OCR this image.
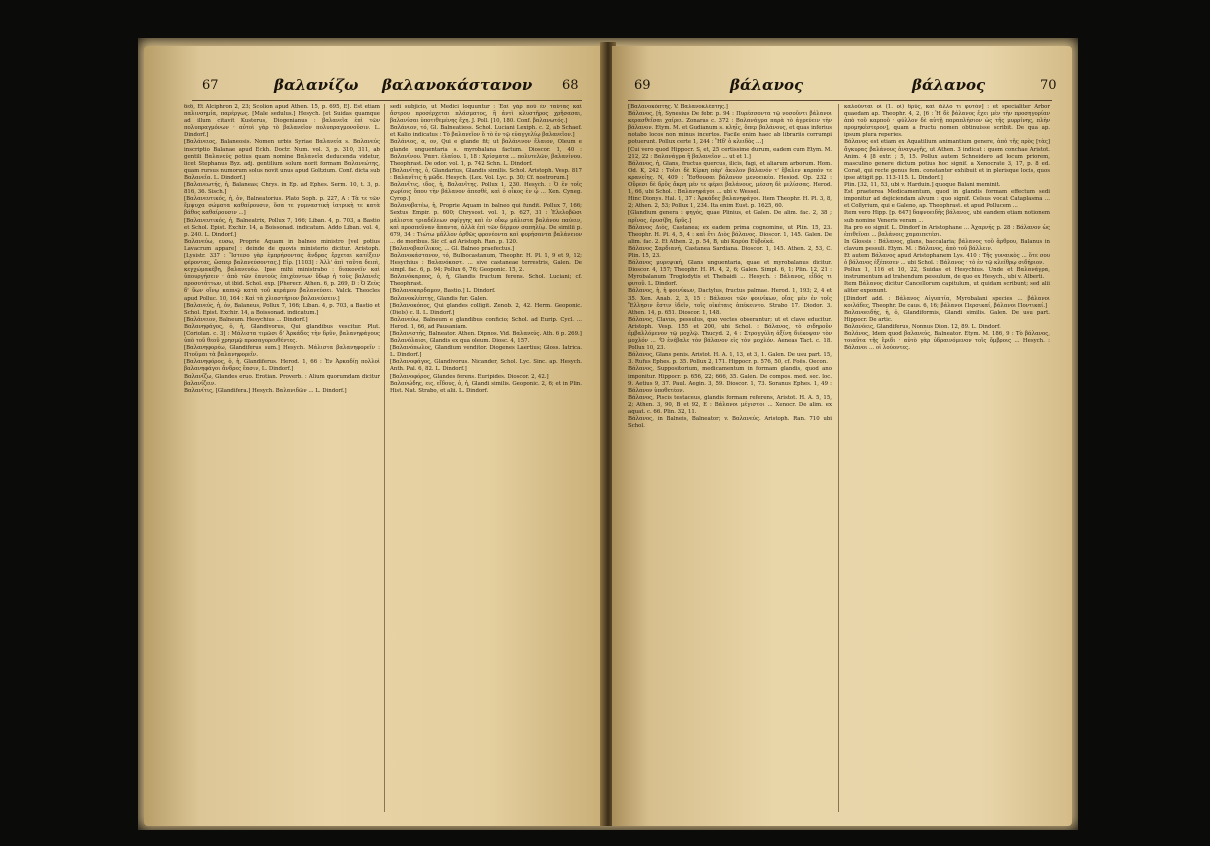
67	βαλανίζω βαλανοκάστανον 68

δεδ, Et Alciphron 2, 23; Scolion apud Athen. 15, p. 695, E]. Est etiam παλινσημία, παρέργως. [Male sedulus.] Hesych. [et Suidas quamque ad illum citavit Kusterus, Diogenianus : βαλανεῖα ἐπὶ τῶν πολυπραγμόνων · αὐτοὶ γὰρ τὸ βαλανεῖον πολυπραγμονοῦσιν. L. Dindorf.]

[Βαλάνειος, Balaneosis. Nomen urbis Syriae Βαλανεία s. Βαλανεύς inscriptio Balanae apud Eckh. Doctr. Num. vol. 3, p. 310, 311, ab gentili Βαλανεύς potius quam nomine Βαλανεῖα deducenda videtur, licet Stephanus Byz. adj. gentilium solum norit formam Βαλανεώτης, quam rursus numorum solus novit unus apud Goltzium. Conf. dicta sub Βαλανεῖα. L. Dindorf.]

[Βαλανεωτής, ἡ, Balaneas; Chrys. in Ep. ad Ephes. Serm. 10, t. 3, p. 816, 36. Sisch.]

[Βαλανευτικός, ἡ, ὁν, Balneatorius. Plato Soph. p. 227, A : Τὰ τε τῶν ἔμψυχα σώματα καθαίρουσιν, ὅσα τε γυμναστικὴ ἰατρικὴ τε κατὰ βάθος καθαίρουσιν ...]

[Βαλανευτικός, ἡ, Balneatrix, Pollux 7, 166; Liban. 4, p. 703, a Bastio et Schol. Epist. Exchir. 14, a Boissonad. indicatum. Addo Liban. vol. 4, p. 240. L. Dindorf.]

Βαλανεύω, ευσω, Proprie Aquam in balneo ministro [vel potius Lavacrum appare] : deinde de quovis ministerio dicitur. Aristoph. [Lysistr. 337 : Ἴστεσο γὰρ ἐμπρήσοντας ἄνδρας ἔρχεται κατέξειν φέροντας, ὥσπερ βαλανεύσοντας.] Εἰρ. [1103] : Ἀλλ' ἀπὶ ταῦτα δειπὶ, κεγχώμακέβη, βαλανευέω. Ipse mihi ministrabo : διακονεῖν καὶ ὑπουργήσειν · ἀπὸ τῶν ἑαυτοὺς ἐπιχέοντων ὕδωρ ἡ τοὺς βαλανεῖς προσοτάττων, ut ibid. Schol. exp. [Pherecr. Athen. 6, p. 269, D : Ὁ Ζεὺς δ' ὕων οἴνῳ καπνῷ κατὰ τοῦ κεράμου βαλανεύσει. Valck. Theocles apud Polluc. 10, 164 : Καὶ τὰ χλιαστήριον βαλανεύσειν.]

[Βαλανεύς, ἡ, ὁν, Balaneus, Pollux 7, 166; Liban. 4, p. 703, a Bastio et Schol. Epist. Exchir. 14, a Boissonad. indicatum.]

[Βαλάνειον, Balneum. Hesychius ... Dindorf.]

Βαλανηφάγος, ὁ, ἡ, Glandivorus, Qui glandibus vescitur. Plut. [Coriolan. c. 3] : Μάλιστα τιμῶσι δ' Ἀρκάδες τὴν δρῦν, βαλανηφάγους ὑπὸ τοῦ θεοῦ χρησμῷ προσαγορευθέντες.

[Βαλανηφορέω, Glandiferus sum.] Hesych. Μάλιστα βαλανηφορεῖν : Πτοῦμαι τὰ βαλανηφορεῖν.

[Βαλανηφόρος, ὁ, ἡ, Glandiferus. Herod. 1, 66 : Ἐν Ἀρκαδίῃ πολλοὶ βαλανηφάγοι ἄνδρες ἔασιν, L. Dindorf.]

Βαλανίζω, Glandes eruo. Erotian. Proverb. : Alium quorumdam dicitur βαλανίζειν.

Βαλανίτις, [Glandifera.] Hesych. Βαλανιδῶν ... L. Dindorf.]

sedi subjicio, ut Medici loquuntur : Ἐαὶ γὰρ ποῦ ἐν ταύτας καὶ ἄστρου προσέρχεται πλάσματος, ἢ ἀντὶ κλυστῆρος χρῆσασαι, βαλανίσαι ὑποτιθεμένης ἔχη. J. Poll. [10, 180. Conf. βαλανωτός.]

Βαλάνιον, τό, Gl. Balneatiess. Schol. Luciani Lexiph. c. 2, ab Schaef. et Kalio indicatus : Τὸ βαλανεῖον ὅ τὸ ἐν τῷ εὐαγγελίῳ βαλανεῖον.]

Βαλάνιος, α, ον, Qui e glande fit; ut βαλάνινον ἔλαιον, Oleum e glande unguentaria s. myrobalana factum. Dioscor. 1, 40 : Βαλανίνου. Ῥαπτ. ἐλαίου. 1, 18 : Χρίσματα ... πολυτελῶν, βαλανίνου. Theophrast. De odor. vol. 1, p. 742 Schn. L. Dindorf.

[Βαλανίτης, ὁ, Glandarius, Glandis similis. Schol. Aristoph. Vesp. 817 : Βαλανῖτις ἡ μῶδε. Hesych. (Lex. Vol. Lyc. p. 30; Cf. nostrorum.]

Βαλανῖτις, ιδος, ἡ, Βαλανῖτης. Pollux 1, 230. Hesych. : Ὁ ἐν τοῖς χωρίοις ὅπου τὴν βάλανον ἀπεσθέ, καὶ ὁ οἶκος ἐν ᾧ ... Xen. Cyneg. Cyrop.]

Βαλανοβατέω, ἡ, Proprie Aquam in balneo qui fundit. Pollux 7, 166; Sextus Empir. p. 600; Chrysost. vol. 1, p. 627, 31 : Ἐλελοβῶσι μάλιστα τριαδέλεων σφίγγης καὶ ἐν οἴκῳ μάλιστα βαλάνου παύειν, καὶ προσπεῦναν ἅπαντα, ἀλλὰ ἐπὶ τῶν δέρμον σαπηλίῳ. De similii p. 679, 34 : Τιώτω μᾶλλον ὀρθῶς φρονέοντα καὶ φυρήσαντα βαλάνειον ... de moribus. Sic cf. ad Aristoph. Ran. p. 120.

[Βαλανοβασίλικος, ... Gl. Balneo praefectus.]

Βαλανοκάστανον, τό, Bulbocastanum, Theophr. H. Pl. 1, 9 et 9, 12; Hesychius : Βαλανόκαστ. ... sive castaneae terrestris, Galen. De simpl. fac. 6, p. 94; Pollux 6, 76; Geoponic. 15, 2.

Βαλανόκαρπος, ὁ, ἡ, Glandis fructum ferens. Schol. Luciani; cf. Theophrast.

[Βαλανοκαρδαμον, Bastio.] L. Dindorf.

Βαλανοκλέπτης, Glandis fur. Galen.

[Βαλανοκόπος, Qui glandes colligit. Zenob. 2, 42. Herm. Geoponic. (Diels) c. ll. L. Dindorf.]

Βαλανεύω, Balneum e glandibus conficio; Schol. ad Eurip. Cycl. ... Herod. 1, 66, ad Pausaniam.

[Βαλανιστής, Balneator. Athen. Dipnos. Vid. Βαλανεύς. Ath. 6 p. 269.]

Βαλανόλαισι, Glandis ex qua oleum. Diosc. 4, 157.

[Βαλανόπωλος, Glandium venditor. Diogenes Laertius; Gloss. Iatrica. L. Dindorf.]

[Βαλανοφάγος, Glandivorus. Nicander, Schol. Lyc. Sinc. ap. Hesych. Anth. Pal. 6, 82. L. Dindorf.]

[Βαλανοφόρος, Glandes ferens. Euripides. Dioscor. 2, 42.]

Βαλανώδης, εις, εἴδους, ὁ, ἡ, Glandi similis. Geoponic. 2, 6; et in Plin. Hist. Nat. Strabo, et alii. L. Dindorf.

69	βάλανος	βάλανος	70

[Βαλανοκόπτης. V. Βαλανοκλέπτης.]

Βάλανος, [ἡ, Synesius De febr. p. 94 : Πυρέσσοντα τῷ νοσοῦντι βάλανοι κερασθεῖσαι χαίρει. Zonaras c. 372 : Βαλανάγρα παρὰ τὸ ἀγρεύειν τὴν βάλανον. Etym. M. et Gudianum s. κληΐς, ὅπερ βαλάνους, et quas inferius notabo locos non minus incertos. Facile enim haec ab librariis corrumpi potuerunt. Pollux certe 1, 244 : Ἢδ' ὁ κλειδὸς ...]

[Cui vero quod Hippocr. S, et, 25 certissime durum, eadem cum Etym. M. 212, 22 : Βαλανάγρα ἢ βαλανεῖον ... ut et 1.]

Βάλανος, ἡ, Glans, fructus quercus, ilicis, fagi, et aliarum arborum. Hom. Od. K, 242 : Τοῖσι δὲ Κίρκη πὰρ' ἄκυλον βάλανόν τ' ἔβαλεν καρπόν τε κρανείης. N, 409 : Ἔσθουσαι βάλανον μενοεικέα. Hesiod. Op. 232 : Οὔρεσι δὲ δρῦς ἄκρη μέν τε φέρει βαλάνους, μέσση δὲ μελίσσας. Herod. 1, 66, ubi Schol. : Βαλανηφάγοι ... ubi v. Wessel.

Hinc Dionys. Hal. 1, 37 : Ἀρκάδες βαλανηφάγοι. Item Theophr. H. Pl. 3, 8, 2; Athen. 2, 53; Pollux 1, 234. Ita enim Eust. p. 1625, 60.

[Glandium genera : φηγός, quae Plinius, et Galen. De alim. fac. 2, 38 ; πρῖνος, ἐρυσίβη, δρῦς.]

Βάλανος Διὸς, Castanea; ex eadem prima cognomine, ut Plin. 15, 23. Theophr. H. Pl. 4, 5, 4 : καὶ ἔτι Διὸς βάλανος. Dioscor. 1, 145. Galen. De alim. fac. 2. Et Athen. 2, p. 54, B, ubi Καρύα Εὐβοϊκά.

Βάλανος Σαρδιανή, Castanea Sardiana. Dioscor. 1, 145. Athen. 2, 53, C. Plin. 15, 23.

Βάλανος μυρεψική, Glans unguentaria, quae et myrobalanus dicitur. Dioscor. 4, 157; Theophr. H. Pl. 4, 2, 6; Galen. Simpl. 6, 1; Plin. 12, 21 : Myrobalanum Troglodytis et Thebaidi ... Hesych. : Βάλανος, εἶδός τι φυτοῦ. L. Dindorf.

Βάλανος, ἡ, ἡ φοινίκων, Dactylus, fructus palmae. Herod. 1, 193; 2, 4 et 35. Xen. Anab. 2, 3, 15 : Βάλανοι τῶν φοινίκων, οἵας μὲν ἐν τοῖς Ἕλλησιν ἔστιν ἰδεῖν, τοῖς οἰκέταις ἀπέκειντο. Strabo 17. Diodor. 3. Athen. 14, p. 651. Dioscor. 1, 148.

Βάλανος, Clavus, pessulus, quo vectes obserantur; ut et clave educitur. Aristoph. Vesp. 155 et 200, ubi Schol. : Βάλανος, τὸ σιδηροῦν ἐμβαλλόμενον τῷ μοχλῷ. Thucyd. 2, 4 : Στρογγύλη ἀξίνη διέκοψαν τὸν μοχλόν ... 'Ὁ ἐνέβαλε τὸν βάλανον εἰς τὸν μοχλόν. Aeneas Tact. c. 18. Pollux 10, 23.

Βάλανος, Glans penis. Aristot. H. A. 1, 13, et 3, 1. Galen. De usu part. 15, 3. Rufus Ephes. p. 35. Pollux 2, 171. Hippocr. p. 576, 50, cf. Foës. Oecon.

Βάλανος, Suppositorium, medicamentum in formam glandis, quod ano imponitur. Hippocr. p. 656, 22; 666, 35. Galen. De compos. med. sec. loc. 9. Aetius 9, 37. Paul. Aegin. 3, 59. Dioscor. 1, 73. Soranus Ephes. 1, 49 : Βάλανον ὑποθετέον.

Βάλανος, Piscis testaceus, glandis formam referens, Aristot. H. A. 5, 15, 2; Athen. 3, 90, B et 92, E : Βάλανοι μέγιστοι ... Xenocr. De alim. ex aquat. c. 66. Plin. 32, 11.

Βάλανος, in Balneis, Balneator; v. Βαλανεύς. Aristoph. Ran. 710 ubi Schol.

καλοῦνται οἱ (1. οἱ) δρῦς, καὶ ἄλλο τι φυτὸν] : et specialiter Arbor quaedam ap. Theophr. 4, 2, [6 : Ἡ δὲ βάλανος ἔχει μὲν τὴν προσηγορίαν ἀπὸ τοῦ καρποῦ · φύλλον δὲ αὐτῇ παραπλήσιον ὡς τῆς μυρρίνης, πλὴν προμηκέστερον], quam a fructu nomen obtinuisse scribit. De qua ap. ipsum plura reperies.

Βάλανος est etiam ex Aquatilium animantium genere, ἀπὸ τῆς πρὸς [τὰς] ἄγκυρας βαλάνους ἀναγωγῆς, ut Athen. 3 indicat : quem conchae Aristot. Anim. 4 [8 extr. ; 5, 15. Pollux autem Schneidero ad locum priorem, masculino genere dictum potius hoc signif. a Xenocrate 3, 17, p. 8 ed. Coraë, qui recte genus fem. constanter exhibuit et in plerisque locis, quos ipse attigit pp. 113-115. L. Dindorf.]

Plin. [32, 11, 53, ubi v. Harduin.] quoque Balani meminit.

Est praeterea Medicamentum, quod in glandis formam effectum sedi imponitur ad dejiciendam alvum : quo signif. Celsus vocat Cataplasma ... et Collyrium, qui e Galeno, ap. Theophrast. et apud Pollucem ...

Item vero Hipp. [p. 647] δαφνοειδὴς βάλανος, ubi eandem etiam notionem sub nomine Veneris veram ...

Ita pro eo signif. L. Dindorf in Aristophane ... Ἀχαρνής p. 28 : Βάλανον ὡς ἐπιθεῖναι ... βαλάνοις χαμαιπετέσι.

In Glossis : Βάλανος, glans, baccalaria; βάλανος τοῦ ἄρθρου, Balanus in clavum pessuli. Etym. M. : Βάλανος, ἀπὸ τοῦ βάλλειν.

Et autem Βάλανος apud Aristophanem Lys. 410 : Τῆς γυναικὸς ... ὅτε σου ὁ βάλανος ἐξέπεσεν ... ubi Schol. : Βάλανος · τὸ ἐν τῷ κλείθρῳ σιδήριον.

Pollux 1, 116 et 10, 22, Suidas et Hesychius. Unde et Βαλανάγρα, instrumentum ad trahendum pessulum, de quo ex Hesych., ubi v. Alberti.

Item Βάλανος dicitur Cancellorum capitulum, ut quidam scribunt; sed alii aliter exponunt.

[Dindorf add. : Βάλανος Αἰγυπτία, Myrobalani species ... βάλανοι κοιλάδες, Theophr. De caus. 6, 16; βάλανοι Περσικαί, βάλανοι Ποντικαί.]

Βαλανοειδής, ἡ, ὁ, Glandiformis, Glandi similis. Galen. De usu part. Hippocr. De artic.

Βαλανόεις, Glandiferus, Nonnus Dion. 12, 89. L. Dindorf.

Βαλάνος, Idem quod βαλανεύς, Balneator. Etym. M. 186, 9 : Τὸ βάλανος, τοιαῦτα τῆς ἔριδι · αὐτὸ γὰρ ὑδραινόμενον τοῖς ὄμβροις ... Hesych. : Βάλανοι ... οἱ λούοντες.
